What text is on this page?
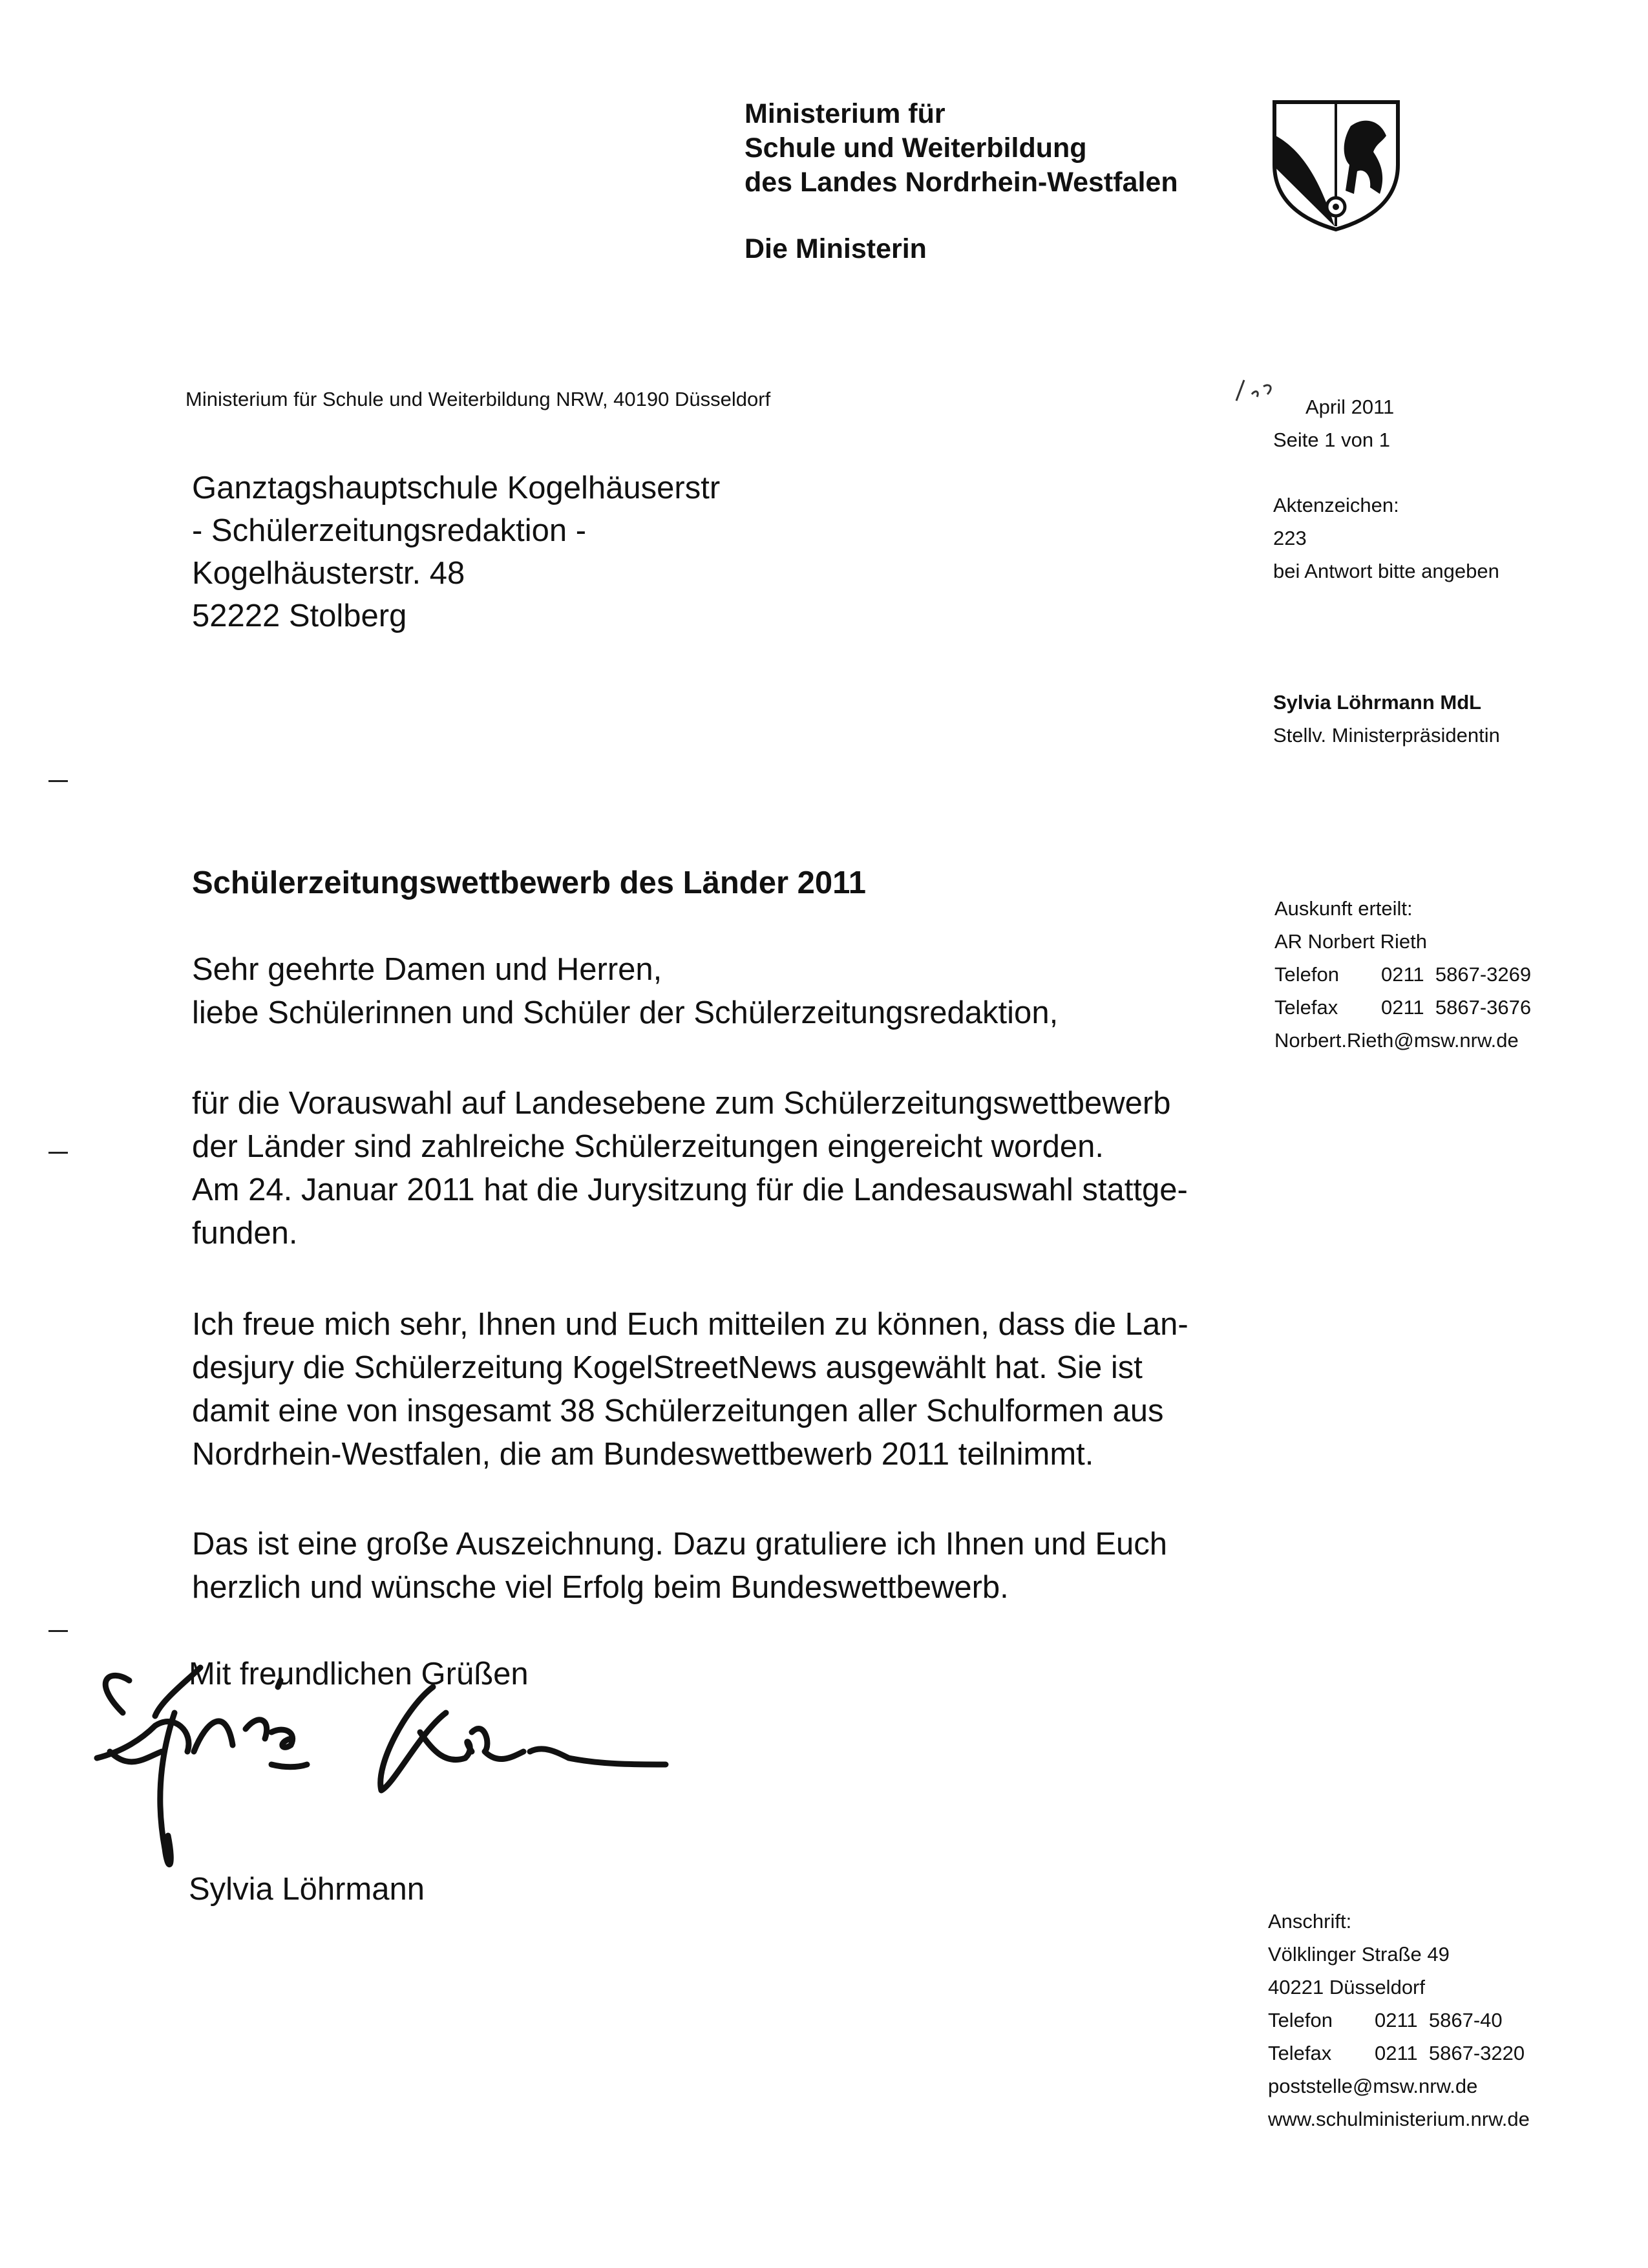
Ministerium für
Schule und Weiterbildung
des Landes Nordrhein-Westfalen
Die Ministerin
Ministerium für Schule und Weiterbildung NRW, 40190 Düsseldorf
Ganztagshauptschule Kogelhäuserstr
- Schülerzeitungsredaktion -
Kogelhäusterstr. 48
52222 Stolberg
April 2011
Seite 1 von 1
Aktenzeichen:
223
bei Antwort bitte angeben
Sylvia Löhrmann MdL
Stellv. Ministerpräsidentin
Auskunft erteilt:
AR Norbert Rieth
Telefon	0211  5867-3269
Telefax	0211  5867-3676
Norbert.Rieth@msw.nrw.de
Schülerzeitungswettbewerb des Länder 2011
Sehr geehrte Damen und Herren,
liebe Schülerinnen und Schüler der Schülerzeitungsredaktion,
für die Vorauswahl auf Landesebene zum Schülerzeitungswettbewerb
der Länder sind zahlreiche Schülerzeitungen eingereicht worden.
Am 24. Januar 2011 hat die Jurysitzung für die Landesauswahl stattge-
funden.
Ich freue mich sehr, Ihnen und Euch mitteilen zu können, dass die Lan-
desjury die Schülerzeitung KogelStreetNews ausgewählt hat. Sie ist
damit eine von insgesamt 38 Schülerzeitungen aller Schulformen aus
Nordrhein-Westfalen, die am Bundeswettbewerb 2011 teilnimmt.
Das ist eine große Auszeichnung. Dazu gratuliere ich Ihnen und Euch
herzlich und wünsche viel Erfolg beim Bundeswettbewerb.
Mit freundlichen Grüßen
Sylvia Löhrmann
Anschrift:
Völklinger Straße 49
40221 Düsseldorf
Telefon	0211  5867-40
Telefax	0211  5867-3220
poststelle@msw.nrw.de
www.schulministerium.nrw.de
